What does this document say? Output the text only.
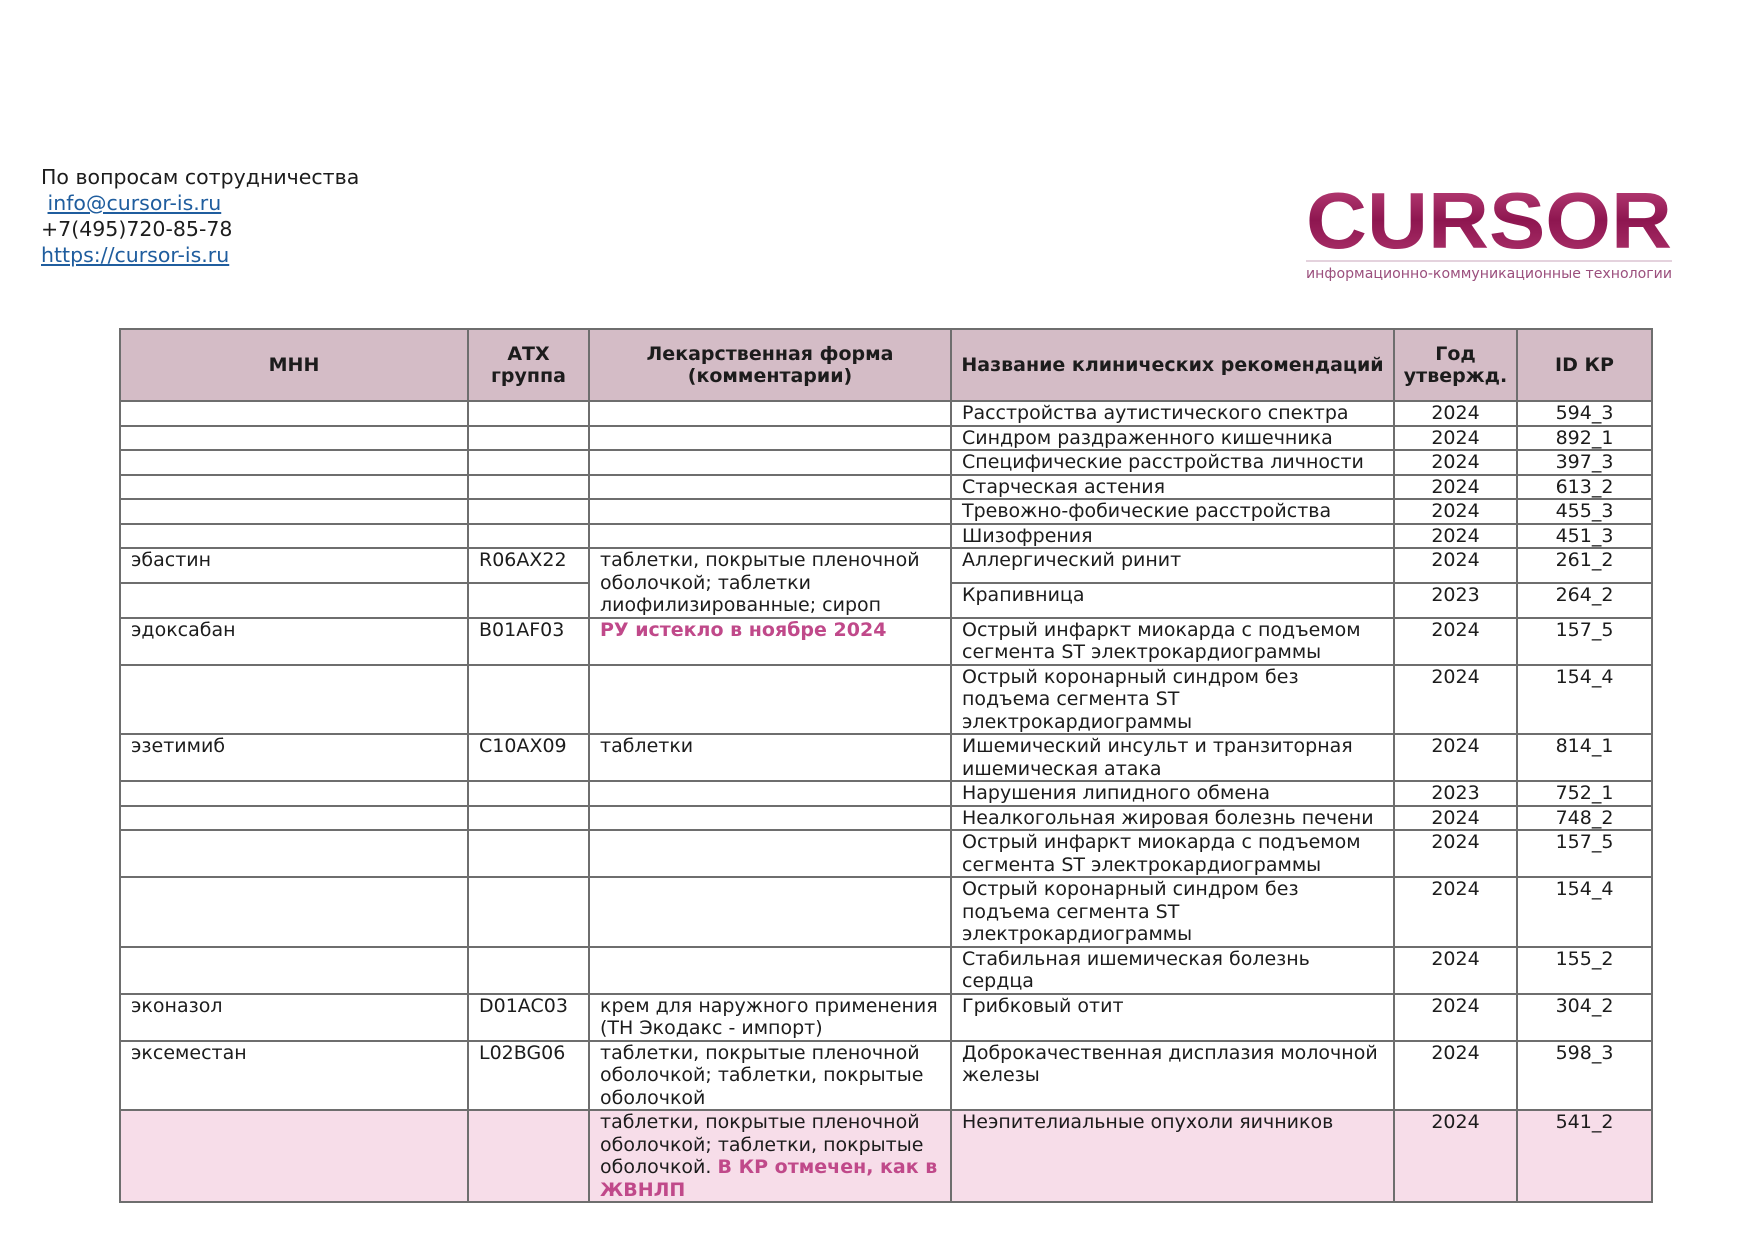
По вопросам сотрудничества
info@cursor-is.ru
+7(495)720-85-78
https://cursor-is.ru	CURSOR
информационно-коммуникационные технологии
МНН	АТХ группа	Лекарственная форма (комментарии)	Название клинических рекомендаций	Год утвержд.	ID КР
			Расстройства аутистического спектра	2024	594_3
			Синдром раздраженного кишечника	2024	892_1
			Специфические расстройства личности	2024	397_3
			Старческая астения	2024	613_2
			Тревожно-фобические расстройства	2024	455_3
			Шизофрения	2024	451_3
эбастин	R06AX22	таблетки, покрытые пленочной оболочкой; таблетки лиофилизированные; сироп	Аллергический ринит	2024	261_2
			Крапивница	2023	264_2
эдоксабан	B01AF03	РУ истекло в ноябре 2024	Острый инфаркт миокарда с подъемом сегмента ST электрокардиограммы	2024	157_5
			Острый коронарный синдром без подъема сегмента ST электрокардиограммы	2024	154_4
эзетимиб	C10AX09	таблетки	Ишемический инсульт и транзиторная ишемическая атака	2024	814_1
			Нарушения липидного обмена	2023	752_1
			Неалкогольная жировая болезнь печени	2024	748_2
			Острый инфаркт миокарда с подъемом сегмента ST электрокардиограммы	2024	157_5
			Острый коронарный синдром без подъема сегмента ST электрокардиограммы	2024	154_4
			Стабильная ишемическая болезнь сердца	2024	155_2
эконазол	D01AC03	крем для наружного применения (ТН Экодакс - импорт)	Грибковый отит	2024	304_2
эксеместан	L02BG06	таблетки, покрытые пленочной оболочкой; таблетки, покрытые оболочкой	Доброкачественная дисплазия молочной железы	2024	598_3
		таблетки, покрытые пленочной оболочкой; таблетки, покрытые оболочкой. В КР отмечен, как в ЖВНЛП	Неэпителиальные опухоли яичников	2024	541_2
